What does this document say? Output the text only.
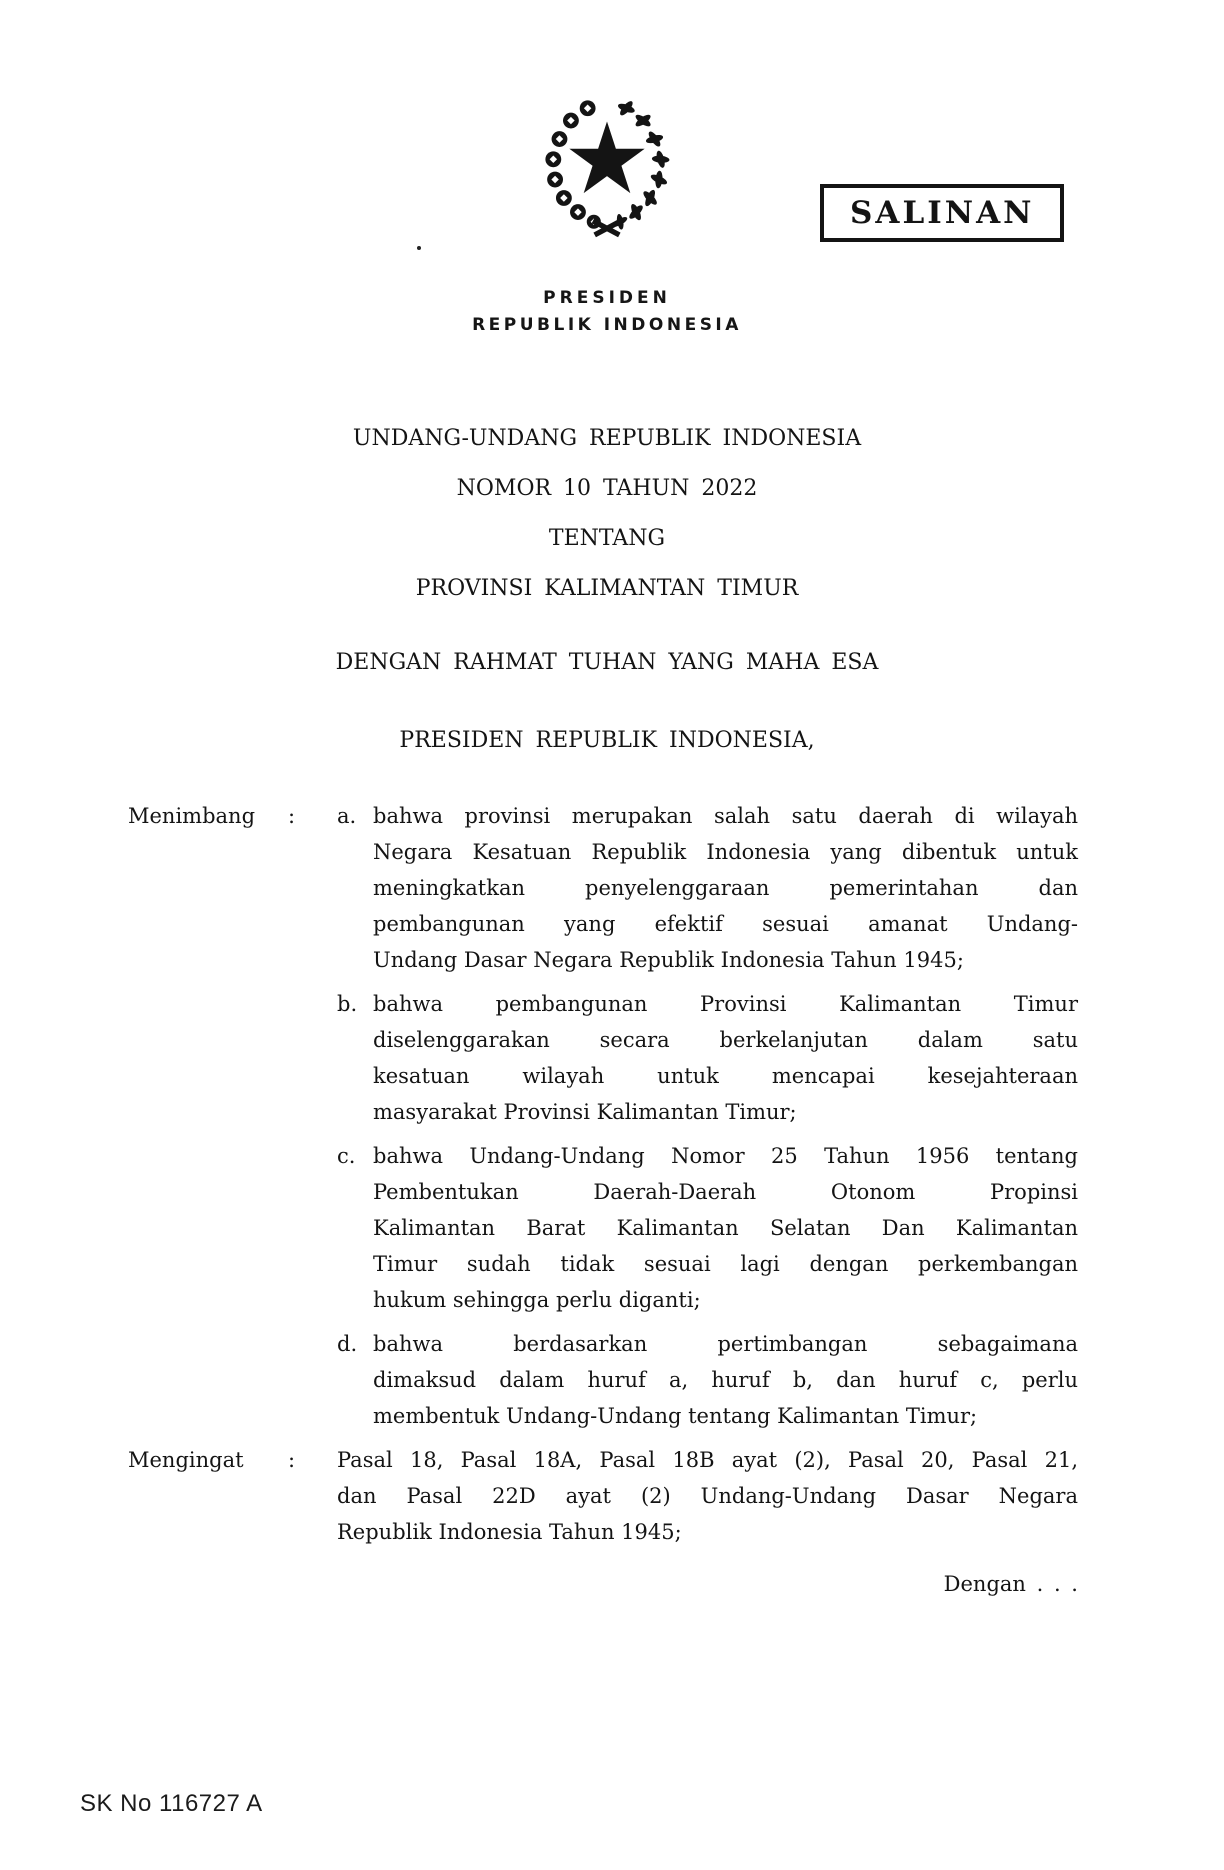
SALINAN
PRESIDEN
REPUBLIK INDONESIA
UNDANG-UNDANG REPUBLIK INDONESIA
NOMOR 10 TAHUN 2022
TENTANG
PROVINSI KALIMANTAN TIMUR
DENGAN RAHMAT TUHAN YANG MAHA ESA
PRESIDEN REPUBLIK INDONESIA,
Menimbang	:	a. bahwa provinsi merupakan salah satu daerah di wilayah
Negara Kesatuan Republik Indonesia yang dibentuk untuk
meningkatkan penyelenggaraan pemerintahan dan
pembangunan yang efektif sesuai amanat Undang-
Undang Dasar Negara Republik Indonesia Tahun 1945;
b. bahwa pembangunan Provinsi Kalimantan Timur
diselenggarakan secara berkelanjutan dalam satu
kesatuan wilayah untuk mencapai kesejahteraan
masyarakat Provinsi Kalimantan Timur;
c. bahwa Undang-Undang Nomor 25 Tahun 1956 tentang
Pembentukan Daerah-Daerah Otonom Propinsi
Kalimantan Barat Kalimantan Selatan Dan Kalimantan
Timur sudah tidak sesuai lagi dengan perkembangan
hukum sehingga perlu diganti;
d. bahwa berdasarkan pertimbangan sebagaimana
dimaksud dalam huruf a, huruf b, dan huruf c, perlu
membentuk Undang-Undang tentang Kalimantan Timur;
Mengingat	:	Pasal 18, Pasal 18A, Pasal 18B ayat (2), Pasal 20, Pasal 21,
dan Pasal 22D ayat (2) Undang-Undang Dasar Negara
Republik Indonesia Tahun 1945;
Dengan . . .
SK No 116727 A
